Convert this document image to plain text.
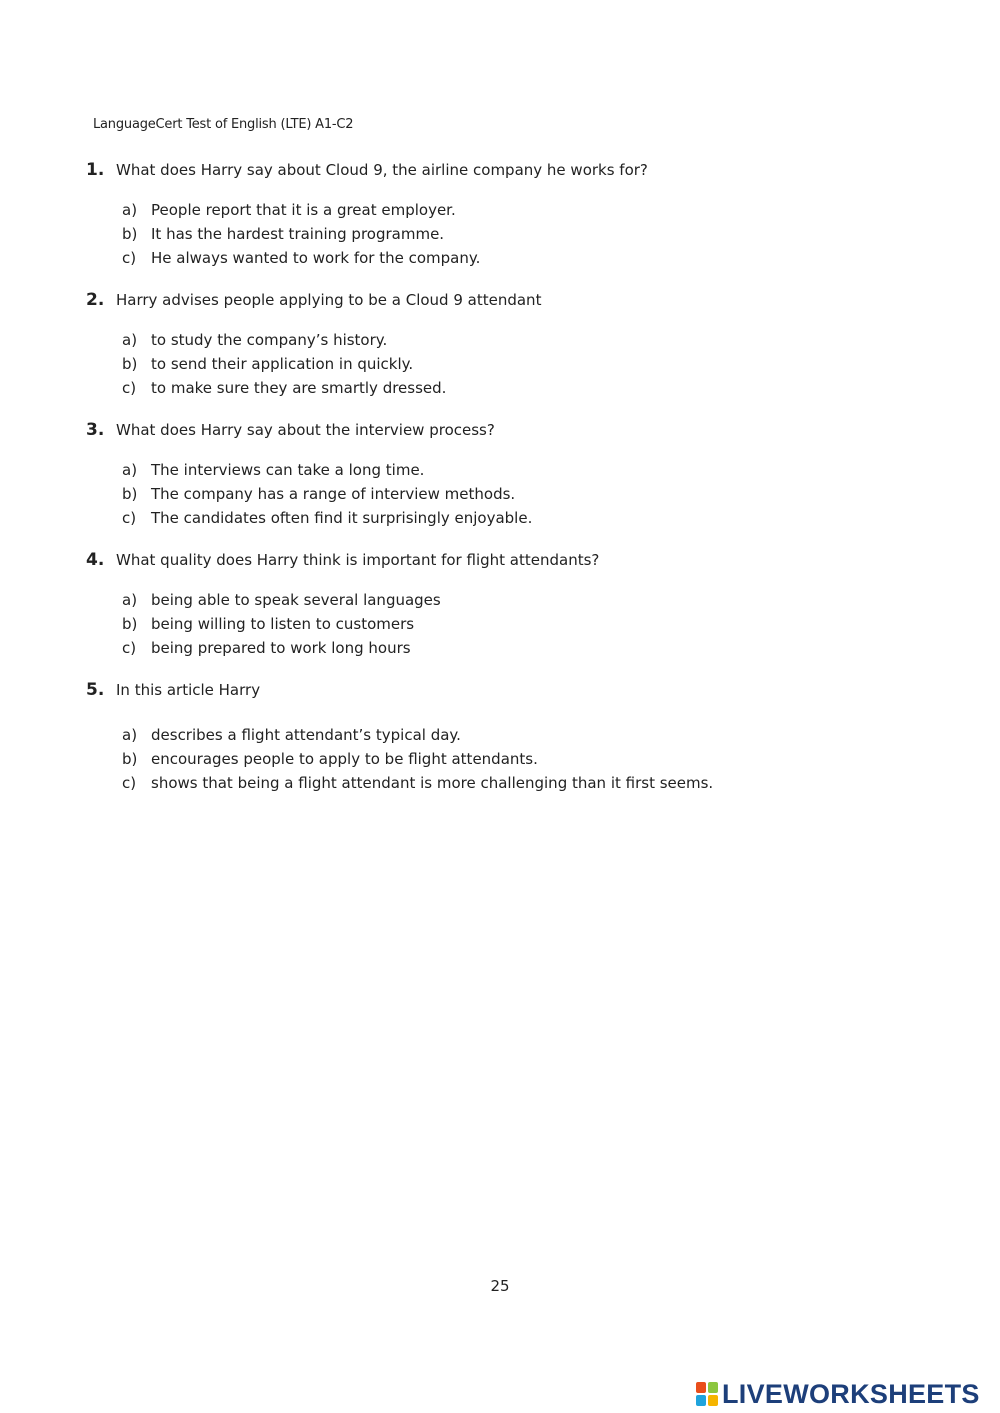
LanguageCert Test of English (LTE) A1-C2
1. What does Harry say about Cloud 9, the airline company he works for?
a) People report that it is a great employer.
b) It has the hardest training programme.
c) He always wanted to work for the company.
2. Harry advises people applying to be a Cloud 9 attendant
a) to study the company’s history.
b) to send their application in quickly.
c) to make sure they are smartly dressed.
3. What does Harry say about the interview process?
a) The interviews can take a long time.
b) The company has a range of interview methods.
c) The candidates often find it surprisingly enjoyable.
4. What quality does Harry think is important for flight attendants?
a) being able to speak several languages
b) being willing to listen to customers
c) being prepared to work long hours
5. In this article Harry
a) describes a flight attendant’s typical day.
b) encourages people to apply to be flight attendants.
c) shows that being a flight attendant is more challenging than it first seems.
25
LIVEWORKSHEETS
